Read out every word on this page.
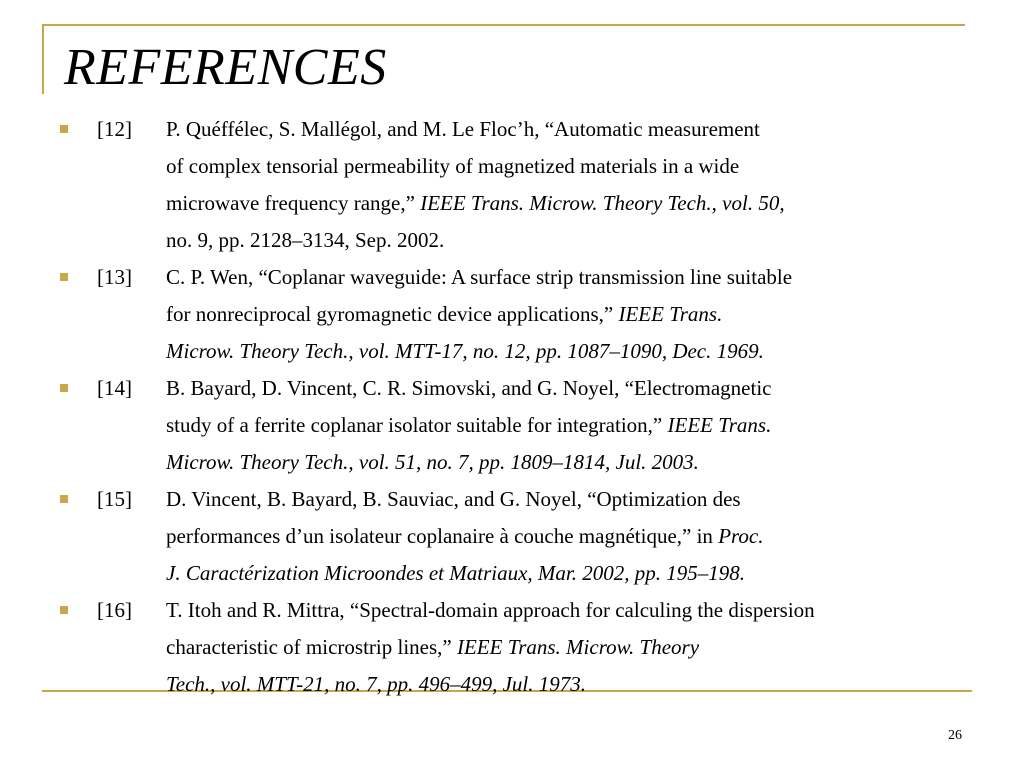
REFERENCES
[12] P. Quéffélec, S. Mallégol, and M. Le Floc’h, “Automatic measurement
of complex tensorial permeability of magnetized materials in a wide
microwave frequency range,” IEEE Trans. Microw. Theory Tech., vol. 50,
no. 9, pp. 2128–3134, Sep. 2002.
[13] C. P. Wen, “Coplanar waveguide: A surface strip transmission line suitable
for nonreciprocal gyromagnetic device applications,” IEEE Trans.
Microw. Theory Tech., vol. MTT-17, no. 12, pp. 1087–1090, Dec. 1969.
[14] B. Bayard, D. Vincent, C. R. Simovski, and G. Noyel, “Electromagnetic
study of a ferrite coplanar isolator suitable for integration,” IEEE Trans.
Microw. Theory Tech., vol. 51, no. 7, pp. 1809–1814, Jul. 2003.
[15] D. Vincent, B. Bayard, B. Sauviac, and G. Noyel, “Optimization des
performances d’un isolateur coplanaire à couche magnétique,” in Proc.
J. Caractérization Microondes et Matriaux, Mar. 2002, pp. 195–198.
[16] T. Itoh and R. Mittra, “Spectral-domain approach for calculing the dispersion
characteristic of microstrip lines,” IEEE Trans. Microw. Theory
Tech., vol. MTT-21, no. 7, pp. 496–499, Jul. 1973.
26
